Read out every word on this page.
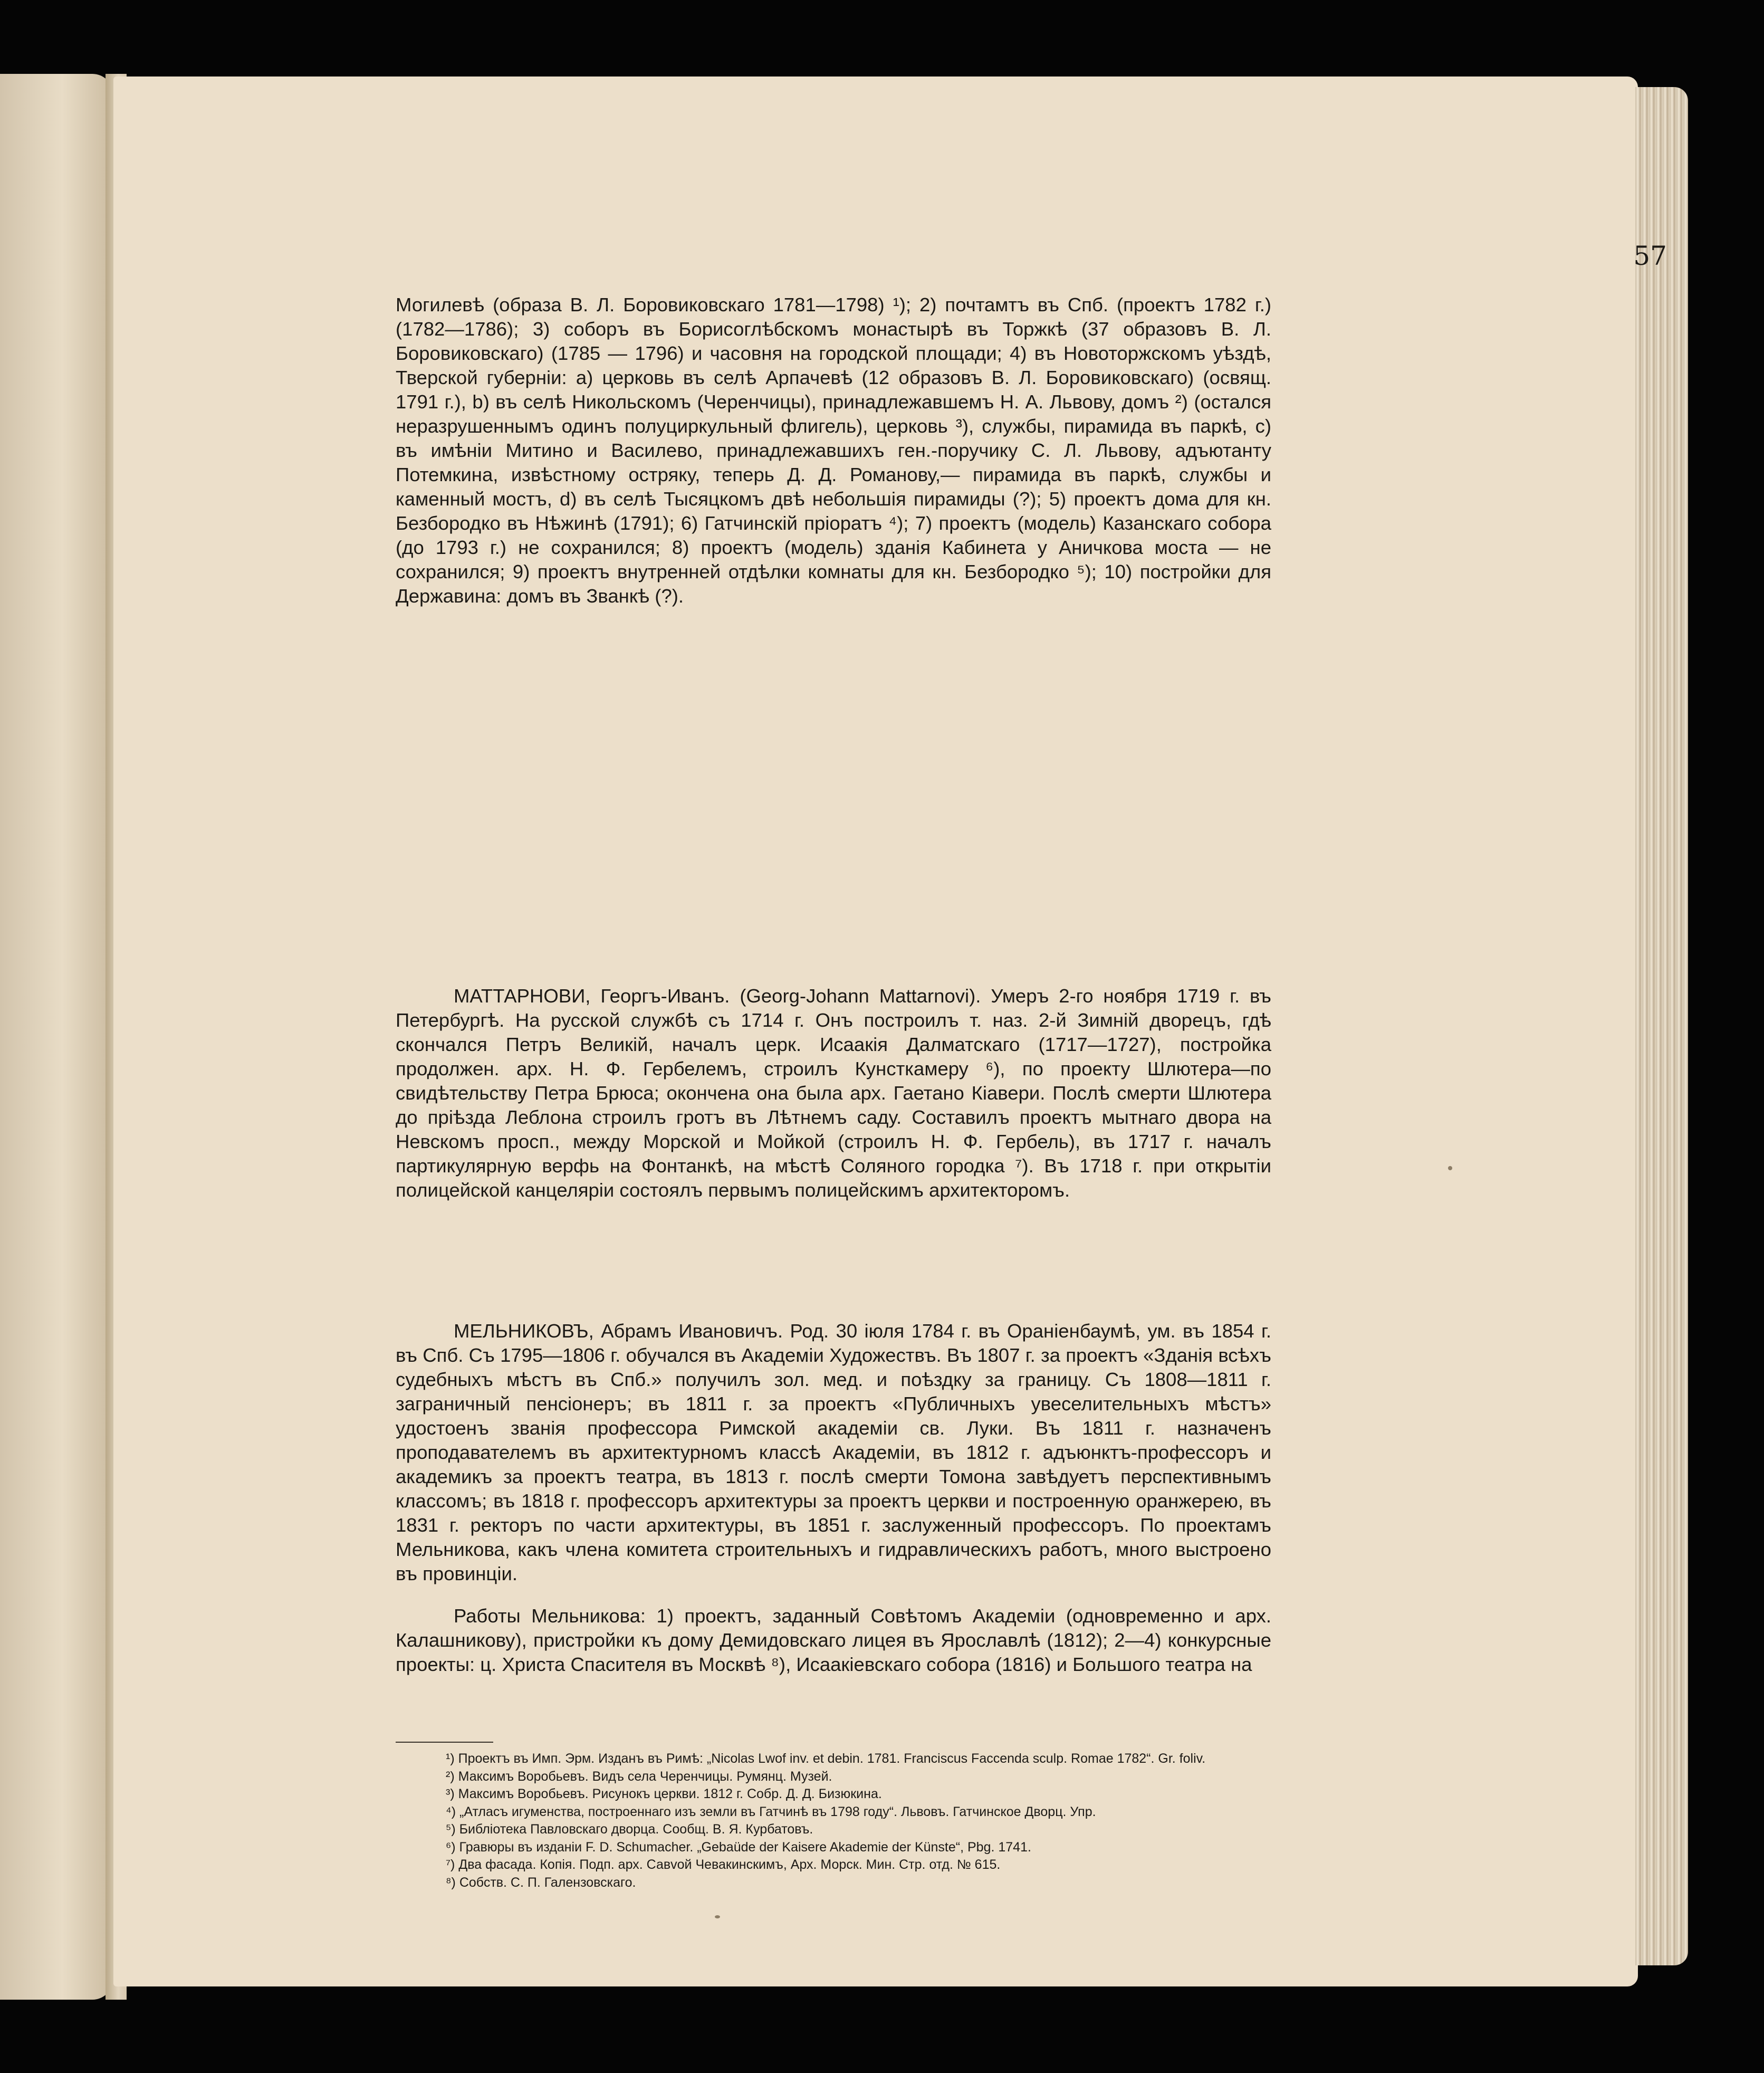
57

Могилевѣ (образа В. Л. Боровиковскаго 1781—1798) ¹); 2) почтамтъ въ Спб. (проектъ 1782 г.) (1782—1786); 3) соборъ въ Борисоглѣбскомъ монастырѣ въ Торжкѣ (37 образовъ В. Л. Боровиковскаго) (1785 — 1796) и часовня на городской площади; 4) въ Новоторжскомъ уѣздѣ, Тверской губерніи: a) церковь въ селѣ Арпачевѣ (12 образовъ В. Л. Боровиковскаго) (освящ. 1791 г.), b) въ селѣ Никольскомъ (Черенчицы), принадлежавшемъ Н. А. Львову, домъ ²) (остался неразрушеннымъ одинъ полуциркульный флигель), церковь ³), службы, пирамида въ паркѣ, c) въ имѣніи Митино и Василево, принадлежавшихъ ген.-поручику С. Л. Львову, адъютанту Потемкина, извѣстному остряку, теперь Д. Д. Романову,— пирамида въ паркѣ, службы и каменный мостъ, d) въ селѣ Тысяцкомъ двѣ небольшія пирамиды (?); 5) проектъ дома для кн. Безбородко въ Нѣжинѣ (1791); 6) Гатчинскій пріоратъ ⁴); 7) проектъ (модель) Казанскаго собора (до 1793 г.) не сохранился; 8) проектъ (модель) зданія Кабинета у Аничкова моста — не сохранился; 9) проектъ внутренней отдѣлки комнаты для кн. Безбородко ⁵); 10) постройки для Державина: домъ въ Званкѣ (?).

МАТТАРНОВИ, Георгъ-Иванъ. (Georg-Johann Mattarnovi). Умеръ 2-го ноября 1719 г. въ Петербургѣ. На русской службѣ съ 1714 г. Онъ построилъ т. наз. 2-й Зимній дворецъ, гдѣ скончался Петръ Великій, началъ церк. Исаакія Далматскаго (1717—1727), постройка продолжен. арх. Н. Ф. Гербелемъ, строилъ Кунсткамеру ⁶), по проекту Шлютера—по свидѣтельству Петра Брюса; окончена она была арх. Гаетано Кіавери. Послѣ смерти Шлютера до пріѣзда Леблона строилъ гротъ въ Лѣтнемъ саду. Составилъ проектъ мытнаго двора на Невскомъ просп., между Морской и Мойкой (строилъ Н. Ф. Гербель), въ 1717 г. началъ партикулярную верфь на Фонтанкѣ, на мѣстѣ Соляного городка ⁷). Въ 1718 г. при открытіи полицейской канцеляріи состоялъ первымъ полицейскимъ архитекторомъ.

МЕЛЬНИКОВЪ, Абрамъ Ивановичъ. Род. 30 іюля 1784 г. въ Ораніенбаумѣ, ум. въ 1854 г. въ Спб. Съ 1795—1806 г. обучался въ Академіи Художествъ. Въ 1807 г. за проектъ «Зданія всѣхъ судебныхъ мѣстъ въ Спб.» получилъ зол. мед. и поѣздку за границу. Съ 1808—1811 г. заграничный пенсіонеръ; въ 1811 г. за проектъ «Публичныхъ увеселительныхъ мѣстъ» удостоенъ званія профессора Римской академіи св. Луки. Въ 1811 г. назначенъ проподавателемъ въ архитектурномъ классѣ Академіи, въ 1812 г. адъюнктъ-профессоръ и академикъ за проектъ театра, въ 1813 г. послѣ смерти Томона завѣдуетъ перспективнымъ классомъ; въ 1818 г. профессоръ архитектуры за проектъ церкви и построенную оранжерею, въ 1831 г. ректоръ по части архитектуры, въ 1851 г. заслуженный профессоръ. По проектамъ Мельникова, какъ члена комитета строительныхъ и гидравлическихъ работъ, много выстроено въ провинціи.

Работы Мельникова: 1) проектъ, заданный Совѣтомъ Академіи (одновременно и арх. Калашникову), пристройки къ дому Демидовскаго лицея въ Ярославлѣ (1812); 2—4) конкурсные проекты: ц. Христа Спасителя въ Москвѣ ⁸), Исаакіевскаго собора (1816) и Большого театра на

¹) Проектъ въ Имп. Эрм. Изданъ въ Римѣ: „Nicolas Lwof inv. et debin. 1781. Franciscus Faccenda sculp. Romae 1782“. Gr. foliv.

²) Максимъ Воробьевъ. Видъ села Черенчицы. Румянц. Музей.

³) Максимъ Воробьевъ. Рисунокъ церкви. 1812 г. Собр. Д. Д. Бизюкина.

⁴) „Атласъ игуменства, построеннаго изъ земли въ Гатчинѣ въ 1798 году“. Львовъ. Гатчинское Дворц. Упр.

⁵) Библіотека Павловскаго дворца. Сообщ. В. Я. Курбатовъ.

⁶) Гравюры въ изданіи F. D. Schumacher. „Gebaüde der Kaisere Akademie der Künste“, Pbg. 1741.

⁷) Два фасада. Копія. Подп. арх. Савvой Чевакинскимъ, Арх. Морск. Мин. Стр. отд. № 615.

⁸) Собств. С. П. Галензовскаго.
